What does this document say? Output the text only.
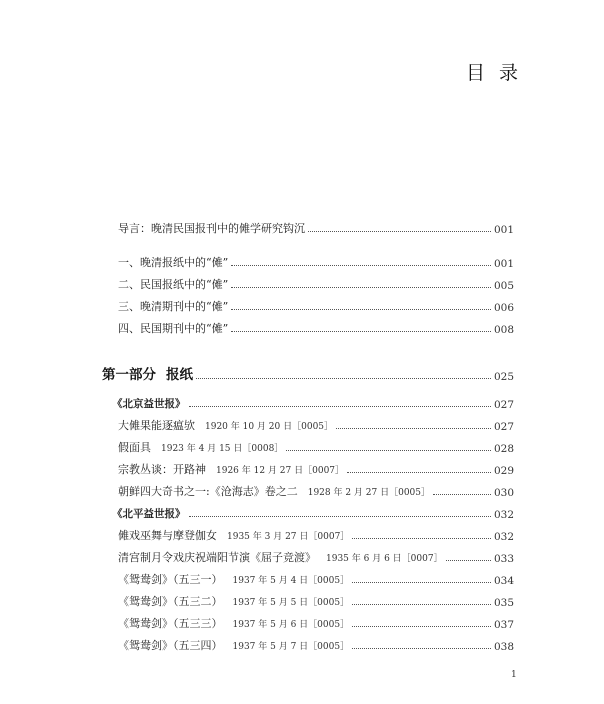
目录
导言：晚清民国报刊中的傩学研究钩沉	001
一、晚清报纸中的“傩”	001
二、民国报纸中的“傩”	005
三、晚清期刊中的“傩”	006
四、民国期刊中的“傩”	008
第一部分 报纸	025
《北京益世报》	027
大傩果能逐瘟欤 1920 年 10 月 20 日［0005］	027
假面具 1923 年 4 月 15 日［0008］	028
宗教丛谈：开路神 1926 年 12 月 27 日［0007］	029
朝鲜四大奇书之一:《沧海志》卷之二 1928 年 2 月 27 日［0005］	030
《北平益世报》	032
傩戏巫舞与摩登伽女 1935 年 3 月 27 日［0007］	032
清宫制月令戏庆祝端阳节演《屈子竞渡》 1935 年 6 月 6 日［0007］	033
《鸳鸯剑》（五三一） 1937 年 5 月 4 日［0005］	034
《鸳鸯剑》（五三二） 1937 年 5 月 5 日［0005］	035
《鸳鸯剑》（五三三） 1937 年 5 月 6 日［0005］	037
《鸳鸯剑》（五三四） 1937 年 5 月 7 日［0005］	038
1
